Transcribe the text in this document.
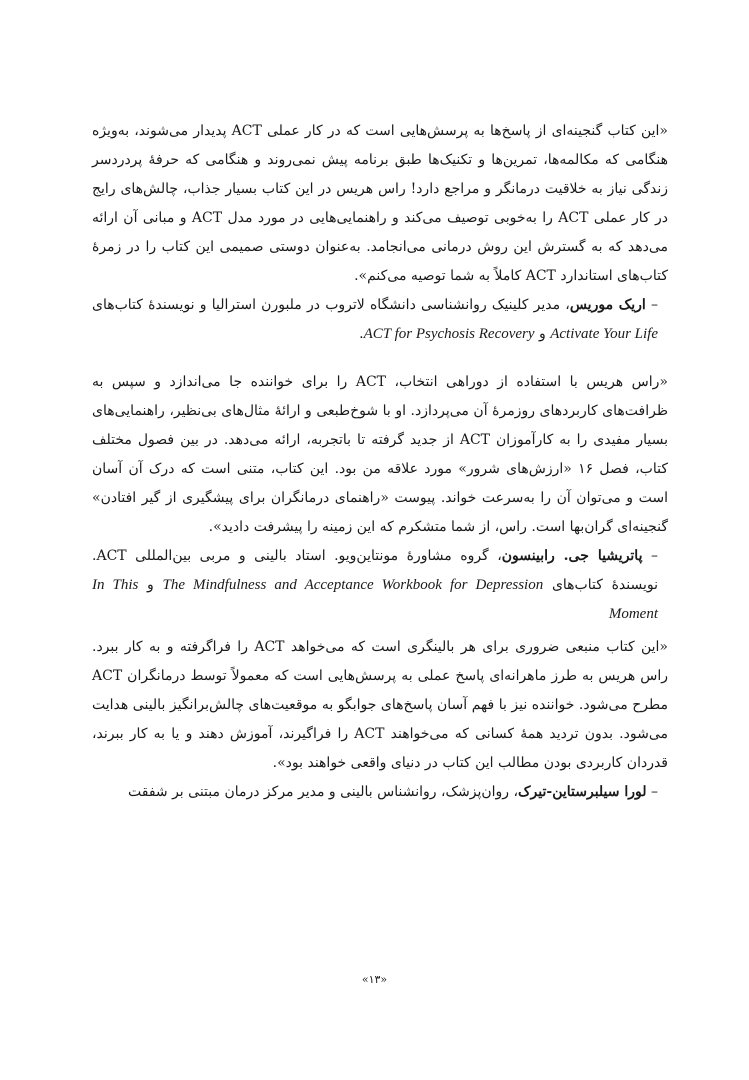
«این کتاب گنجینه‌ای از پاسخ‌ها به پرسش‌هایی است که در کار عملی ACT پدیدار می‌شوند، به‌ویژه هنگامی که مکالمه‌ها، تمرین‌ها و تکنیک‌ها طبق برنامه پیش نمی‌روند و هنگامی که حرفهٔ پردردسر زندگی نیاز به خلاقیت درمانگر و مراجع دارد! راس هریس در این کتاب بسیار جذاب، چالش‌های رایج در کار عملی ACT را به‌خوبی توصیف می‌کند و راهنمایی‌هایی در مورد مدل ACT و مبانی آن ارائه می‌دهد که به گسترش این روش درمانی می‌انجامد. به‌عنوان دوستی صمیمی این کتاب را در زمرهٔ کتاب‌های استاندارد ACT کاملاً به شما توصیه می‌کنم».

– اریک موریس، مدیر کلینیک روانشناسی دانشگاه لاتروب در ملبورن استرالیا و نویسندهٔ کتاب‌های Activate Your Life و ACT for Psychosis Recovery.

«راس هریس با استفاده از دوراهی انتخاب، ACT را برای خواننده جا می‌اندازد و سپس به ظرافت‌های کاربردهای روزمرهٔ آن می‌پردازد. او با شوخ‌طبعی و ارائهٔ مثال‌های بی‌نظیر، راهنمایی‌های بسیار مفیدی را به کارآموزان ACT از جدید گرفته تا باتجربه، ارائه می‌دهد. در بین فصول مختلف کتاب، فصل ۱۶ «ارزش‌های شرور» مورد علاقه من بود. این کتاب، متنی است که درک آن آسان است و می‌توان آن را به‌سرعت خواند. پیوست «راهنمای درمانگران برای پیشگیری از گیر افتادن» گنجینه‌ای گران‌بها است. راس، از شما متشکرم که این زمینه را پیشرفت دادید».

– پاتریشیا جی. رابینسون، گروه مشاورهٔ مونتاین‌ویو. استاد بالینی و مربی بین‌المللی ACT. نویسندهٔ کتاب‌های The Mindfulness and Acceptance Workbook for Depression و In This Moment

«این کتاب منبعی ضروری برای هر بالینگری است که می‌خواهد ACT را فراگرفته و به کار ببرد. راس هریس به طرز ماهرانه‌ای پاسخ عملی به پرسش‌هایی است که معمولاً توسط درمانگران ACT مطرح می‌شود. خواننده نیز با فهم آسان پاسخ‌های جوابگو به موقعیت‌های چالش‌برانگیز بالینی هدایت می‌شود. بدون تردید همهٔ کسانی که می‌خواهند ACT را فراگیرند، آموزش دهند و یا به کار ببرند، قدردان کاربردی بودن مطالب این کتاب در دنیای واقعی خواهند بود».

– لورا سیلبرستاین-تیرک، روان‌پزشک، روانشناس بالینی و مدیر مرکز درمان مبتنی بر شفقت

«۱۳»
